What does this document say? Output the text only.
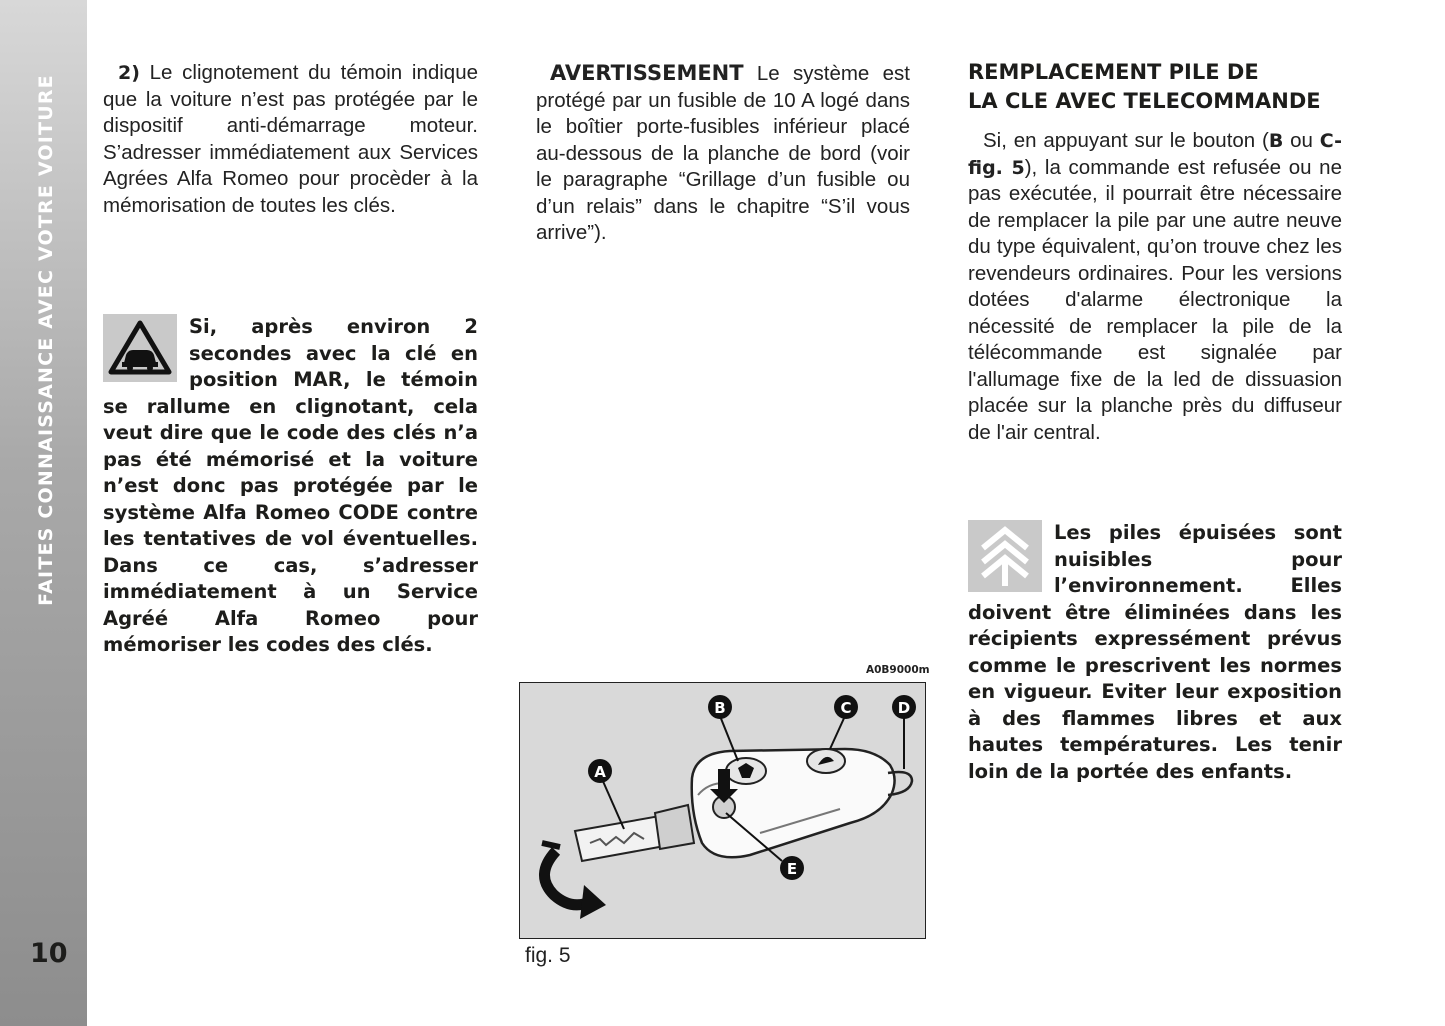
FAITES CONNAISSANCE AVEC VOTRE VOITURE
10

2) Le clignotement du témoin indique que la voiture n’est pas protégée par le dispositif anti-démarrage moteur. S’adresser immédiatement aux Services Agrées Alfa Romeo pour procèder à la mémorisation de toutes les clés.

Si, après environ 2 secondes avec la clé en position MAR, le témoin se rallume en clignotant, cela veut dire que le code des clés n’a pas été mémorisé et la voiture n’est donc pas protégée par le système Alfa Romeo CODE contre les tentatives de vol éventuelles. Dans ce cas, s’adresser immédiatement à un Service Agréé Alfa Romeo pour mémoriser les codes des clés.

AVERTISSEMENT Le système est protégé par un fusible de 10 A logé dans le boîtier porte-fusibles inférieur placé au-dessous de la planche de bord (voir le paragraphe “Grillage d’un fusible ou d’un relais” dans le chapitre “S’il vous arrive”).

A0B9000m
A
B	C	D
E
fig. 5
REMPLACEMENT PILE DE
LA CLE AVEC TELECOMMANDE

Si, en appuyant sur le bouton (B ou C-fig. 5), la commande est refusée ou ne pas exécutée, il pourrait être nécessaire de remplacer la pile par une autre neuve du type équivalent, qu’on trouve chez les revendeurs ordinaires. Pour les versions dotées d'alarme électronique la nécessité de remplacer la pile de la télécommande est signalée par l'allumage fixe de la led de dissuasion placée sur la planche près du diffuseur de l'air central.

Les piles épuisées sont nuisibles pour l’environnement. Elles doivent être éliminées dans les récipients expressément prévus comme le prescrivent les normes en vigueur. Eviter leur exposition à des flammes libres et aux hautes températures. Les tenir loin de la portée des enfants.
